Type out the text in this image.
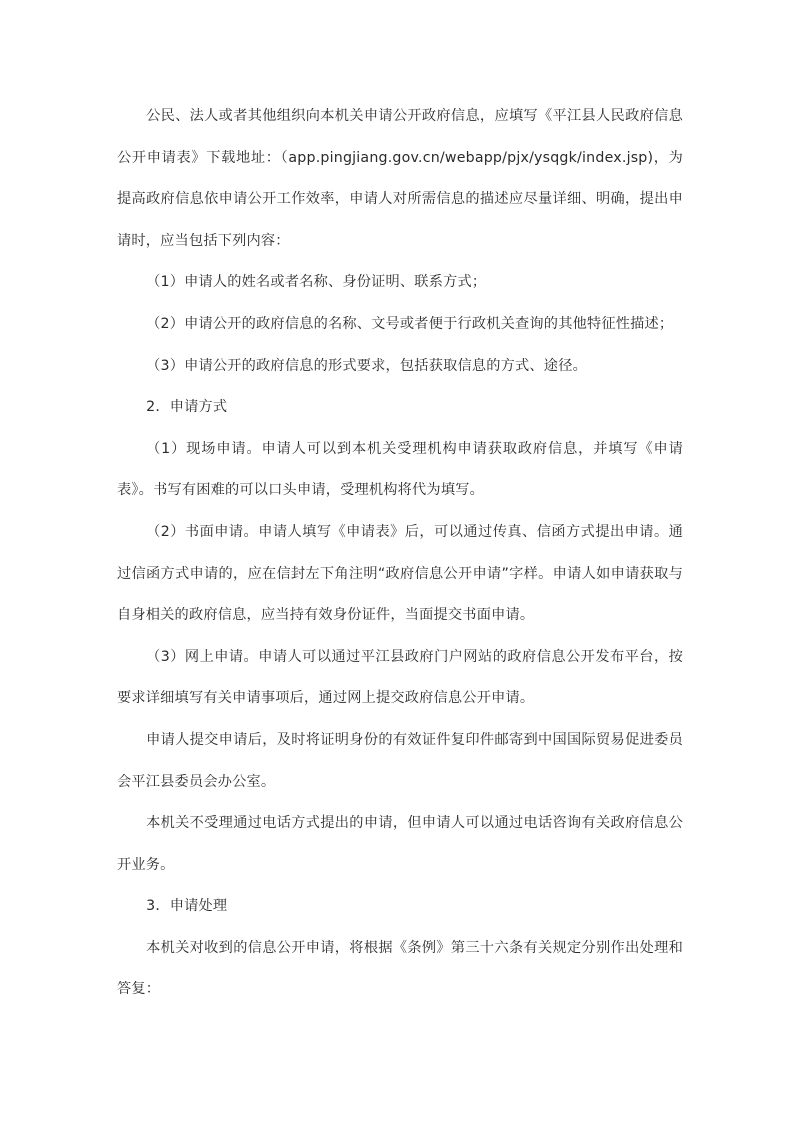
公民、法人或者其他组织向本机关申请公开政府信息，应填写《平江县人民政府信息公开申请表》下载地址：（app.pingjiang.gov.cn/webapp/pjx/ysqgk/index.jsp)，为提高政府信息依申请公开工作效率，申请人对所需信息的描述应尽量详细、明确，提出申请时，应当包括下列内容：

（1）申请人的姓名或者名称、身份证明、联系方式；

（2）申请公开的政府信息的名称、文号或者便于行政机关查询的其他特征性描述；

（3）申请公开的政府信息的形式要求，包括获取信息的方式、途径。

2．申请方式

（1）现场申请。申请人可以到本机关受理机构申请获取政府信息，并填写《申请表》。书写有困难的可以口头申请，受理机构将代为填写。

（2）书面申请。申请人填写《申请表》后，可以通过传真、信函方式提出申请。通过信函方式申请的，应在信封左下角注明“政府信息公开申请”字样。申请人如申请获取与自身相关的政府信息，应当持有效身份证件，当面提交书面申请。

（3）网上申请。申请人可以通过平江县政府门户网站的政府信息公开发布平台，按要求详细填写有关申请事项后，通过网上提交政府信息公开申请。

申请人提交申请后，及时将证明身份的有效证件复印件邮寄到中国国际贸易促进委员会平江县委员会办公室。

本机关不受理通过电话方式提出的申请，但申请人可以通过电话咨询有关政府信息公开业务。

3．申请处理

本机关对收到的信息公开申请，将根据《条例》第三十六条有关规定分别作出处理和答复：
